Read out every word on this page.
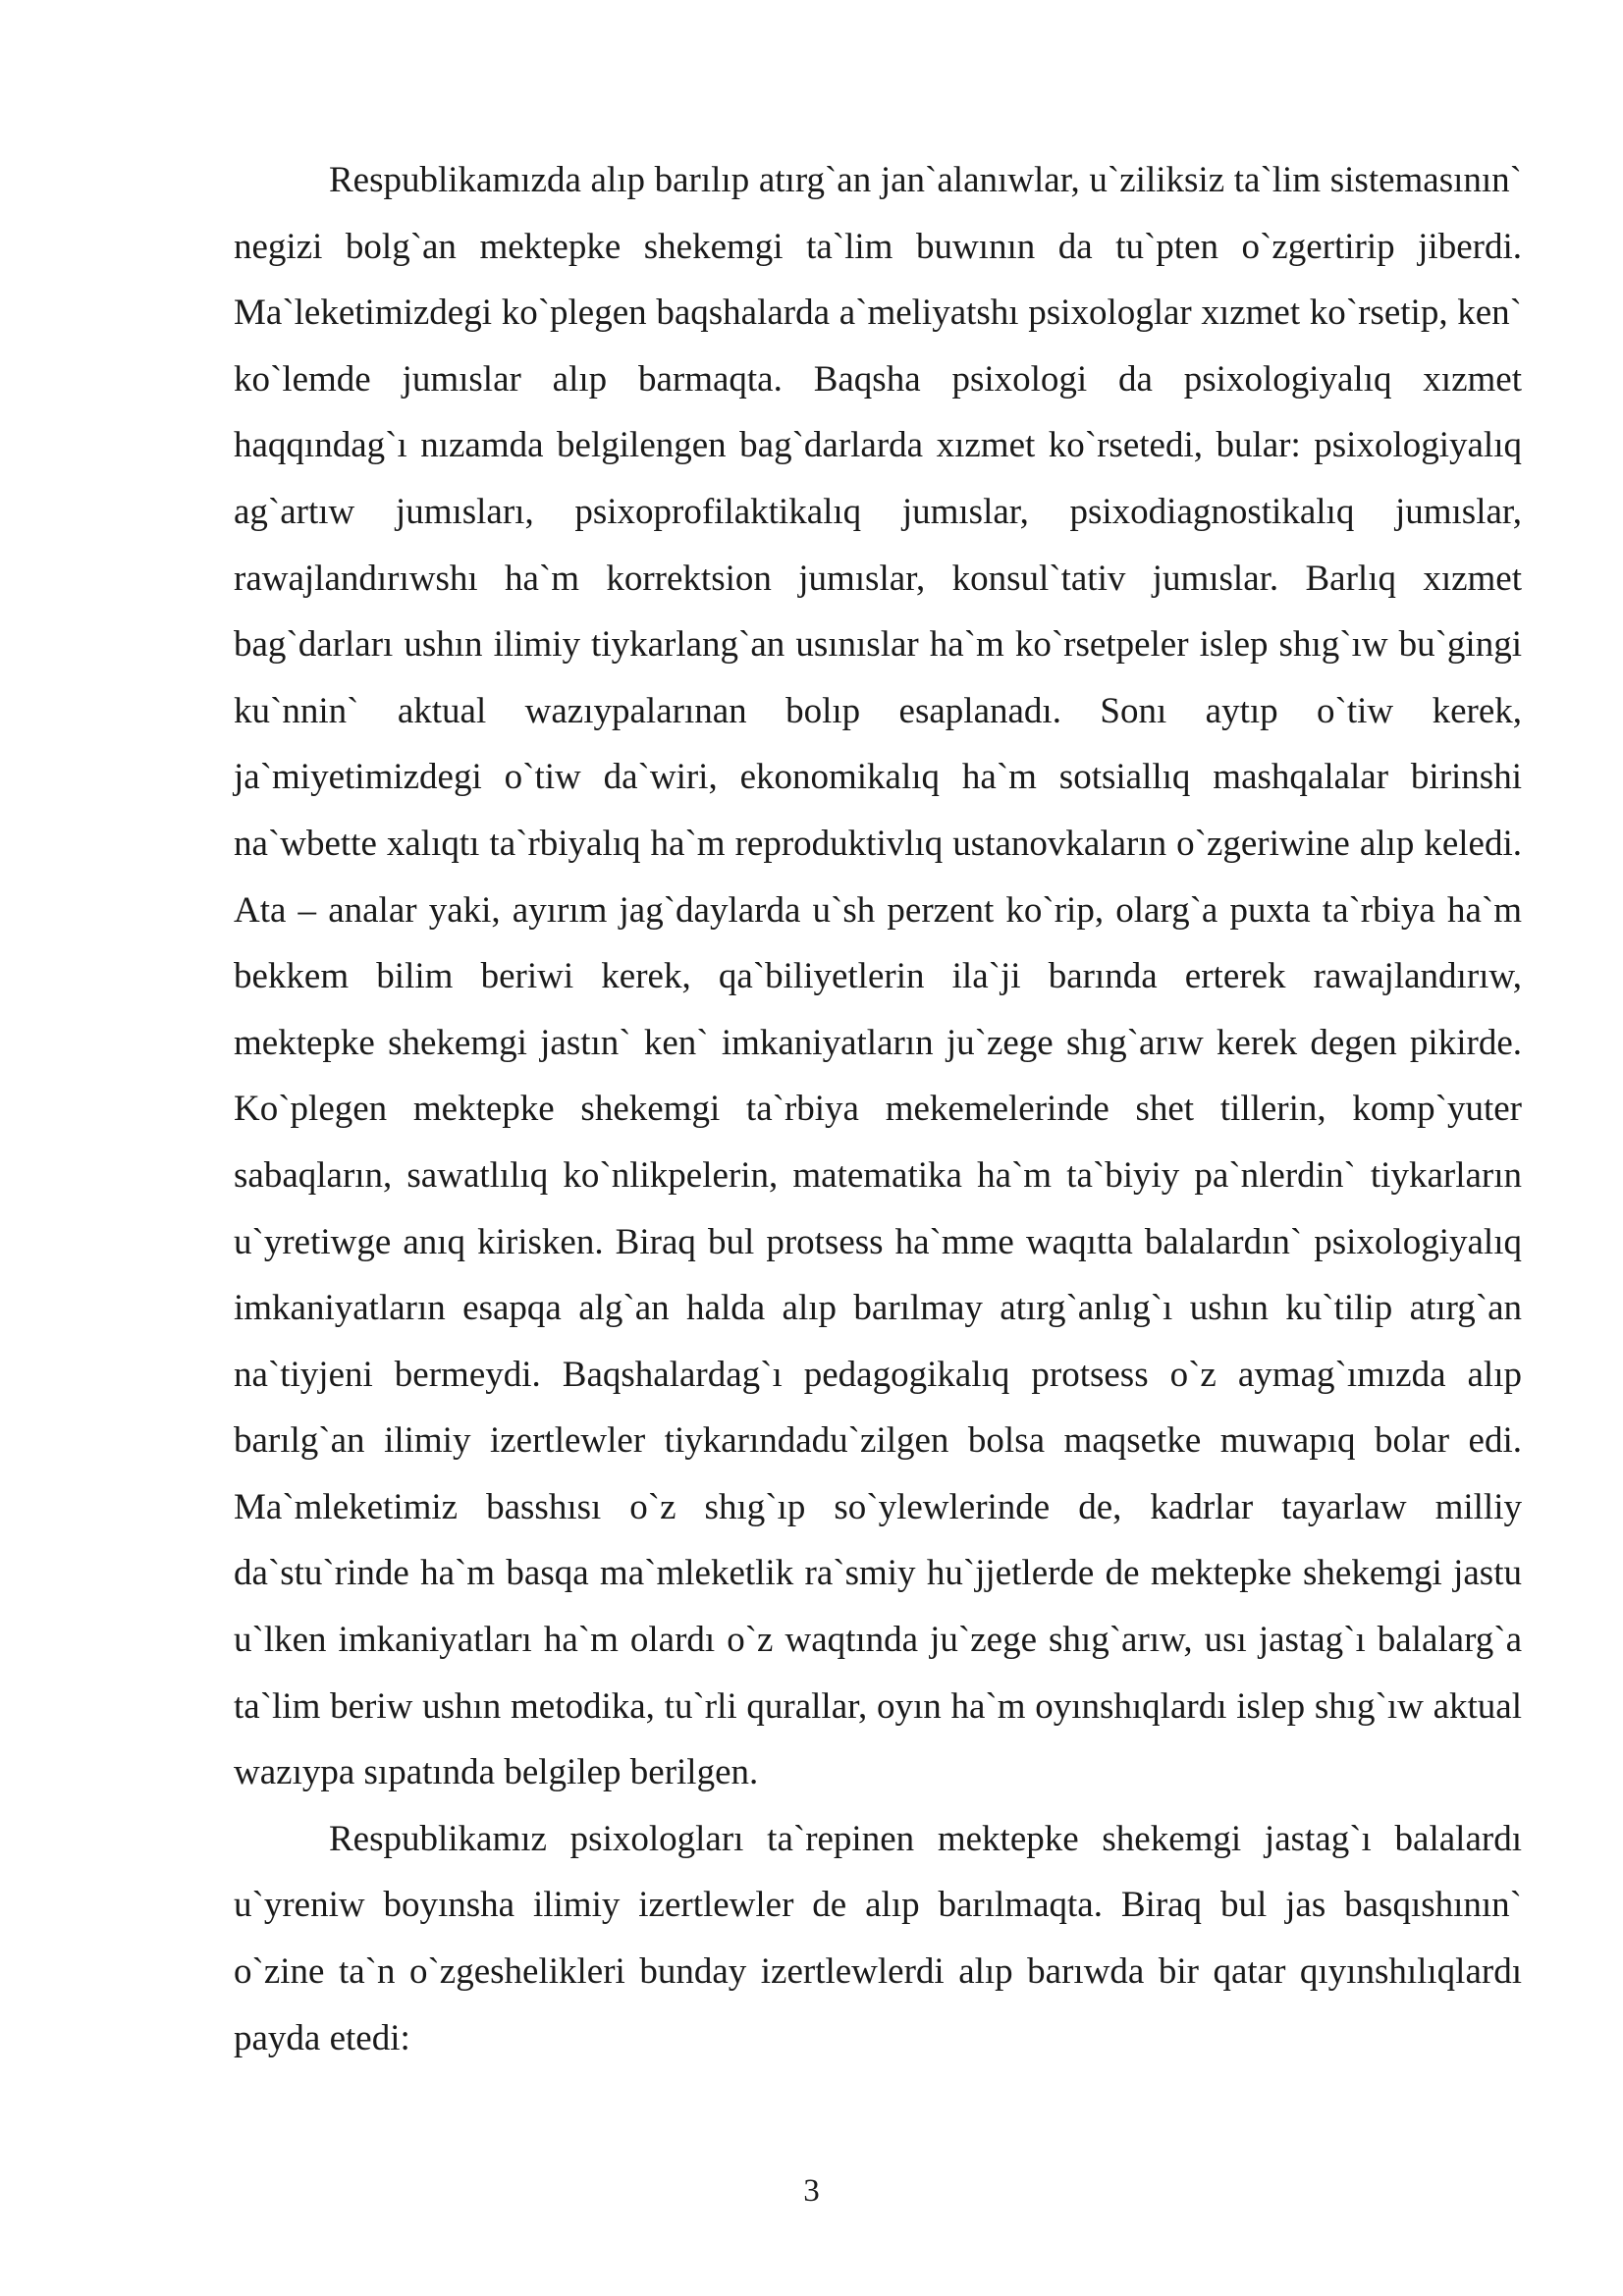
Respublikamızda alıp barılıp atırg`an jan`alanıwlar, u`ziliksiz ta`lim sistemasının` negizi bolg`an mektepke shekemgi ta`lim buwının da tu`pten o`zgertirip jiberdi. Ma`leketimizdegi ko`plegen baqshalarda a`meliyatshı psixologlar xızmet ko`rsetip, ken` ko`lemde jumıslar alıp barmaqta. Baqsha psixologi da psixologiyalıq xızmet haqqındag`ı nızamda belgilengen bag`darlarda xızmet ko`rsetedi, bular: psixologiyalıq ag`artıw jumısları, psixoprofilaktikalıq jumıslar, psixodiagnostikalıq jumıslar, rawajlandırıwshı ha`m korrektsion jumıslar, konsul`tativ jumıslar. Barlıq xızmet bag`darları ushın ilimiy tiykarlang`an usınıslar ha`m ko`rsetpeler islep shıg`ıw bu`gingi ku`nnin` aktual wazıypalarınan bolıp esaplanadı. Sonı aytıp o`tiw kerek, ja`miyetimizdegi o`tiw da`wiri, ekonomikalıq ha`m sotsiallıq mashqalalar birinshi na`wbette xalıqtı ta`rbiyalıq ha`m reproduktivlıq ustanovkaların o`zgeriwine alıp keledi. Ata – analar yaki, ayırım jag`daylarda u`sh perzent ko`rip, olarg`a puxta ta`rbiya ha`m bekkem bilim beriwi kerek, qa`biliyetlerin ila`ji barında erterek rawajlandırıw, mektepke shekemgi jastın` ken` imkaniyatların ju`zege shıg`arıw kerek degen pikirde. Ko`plegen mektepke shekemgi ta`rbiya mekemelerinde shet tillerin, komp`yuter sabaqların, sawatlılıq ko`nlikpelerin, matematika ha`m ta`biyiy pa`nlerdin` tiykarların u`yretiwge anıq kirisken. Biraq bul protsess ha`mme waqıtta balalardın` psixologiyalıq imkaniyatların esapqa alg`an halda alıp barılmay atırg`anlıg`ı ushın ku`tilip atırg`an na`tiyjeni bermeydi. Baqshalardag`ı pedagogikalıq protsess o`z aymag`ımızda alıp barılg`an ilimiy izertlewler tiykarındadu`zilgen bolsa maqsetke muwapıq bolar edi. Ma`mleketimiz basshısı o`z shıg`ıp so`ylewlerinde de, kadrlar tayarlaw milliy da`stu`rinde ha`m basqa ma`mleketlik ra`smiy hu`jjetlerde de mektepke shekemgi jastu u`lken imkaniyatları ha`m olardı o`z waqtında ju`zege shıg`arıw, usı jastag`ı balalarg`a ta`lim beriw ushın metodika, tu`rli qurallar, oyın ha`m oyınshıqlardı islep shıg`ıw aktual wazıypa sıpatında belgilep berilgen.

Respublikamız psixologları ta`repinen mektepke shekemgi jastag`ı balalardı u`yreniw boyınsha ilimiy izertlewler de alıp barılmaqta. Biraq bul jas basqıshının` o`zine ta`n o`zgeshelikleri bunday izertlewlerdi alıp barıwda bir qatar qıyınshılıqlardı payda etedi:

3
